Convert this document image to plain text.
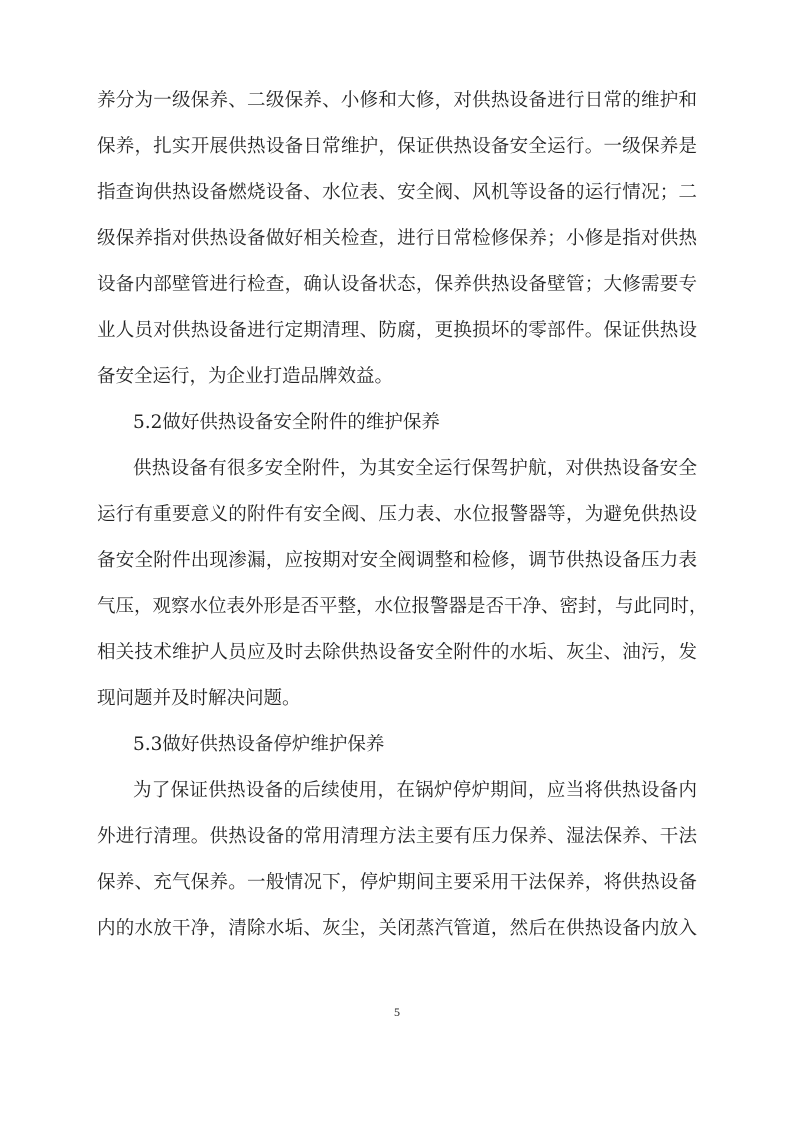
养分为一级保养、二级保养、小修和大修，对供热设备进行日常的维护和
保养，扎实开展供热设备日常维护，保证供热设备安全运行。一级保养是
指查询供热设备燃烧设备、水位表、安全阀、风机等设备的运行情况；二
级保养指对供热设备做好相关检查，进行日常检修保养；小修是指对供热
设备内部壁管进行检查，确认设备状态，保养供热设备壁管；大修需要专
业人员对供热设备进行定期清理、防腐，更换损坏的零部件。保证供热设
备安全运行，为企业打造品牌效益。
5.2做好供热设备安全附件的维护保养
供热设备有很多安全附件，为其安全运行保驾护航，对供热设备安全
运行有重要意义的附件有安全阀、压力表、水位报警器等，为避免供热设
备安全附件出现渗漏，应按期对安全阀调整和检修，调节供热设备压力表
气压，观察水位表外形是否平整，水位报警器是否干净、密封，与此同时，
相关技术维护人员应及时去除供热设备安全附件的水垢、灰尘、油污，发
现问题并及时解决问题。
5.3做好供热设备停炉维护保养
为了保证供热设备的后续使用，在锅炉停炉期间，应当将供热设备内
外进行清理。供热设备的常用清理方法主要有压力保养、湿法保养、干法
保养、充气保养。一般情况下，停炉期间主要采用干法保养，将供热设备
内的水放干净，清除水垢、灰尘，关闭蒸汽管道，然后在供热设备内放入
5
